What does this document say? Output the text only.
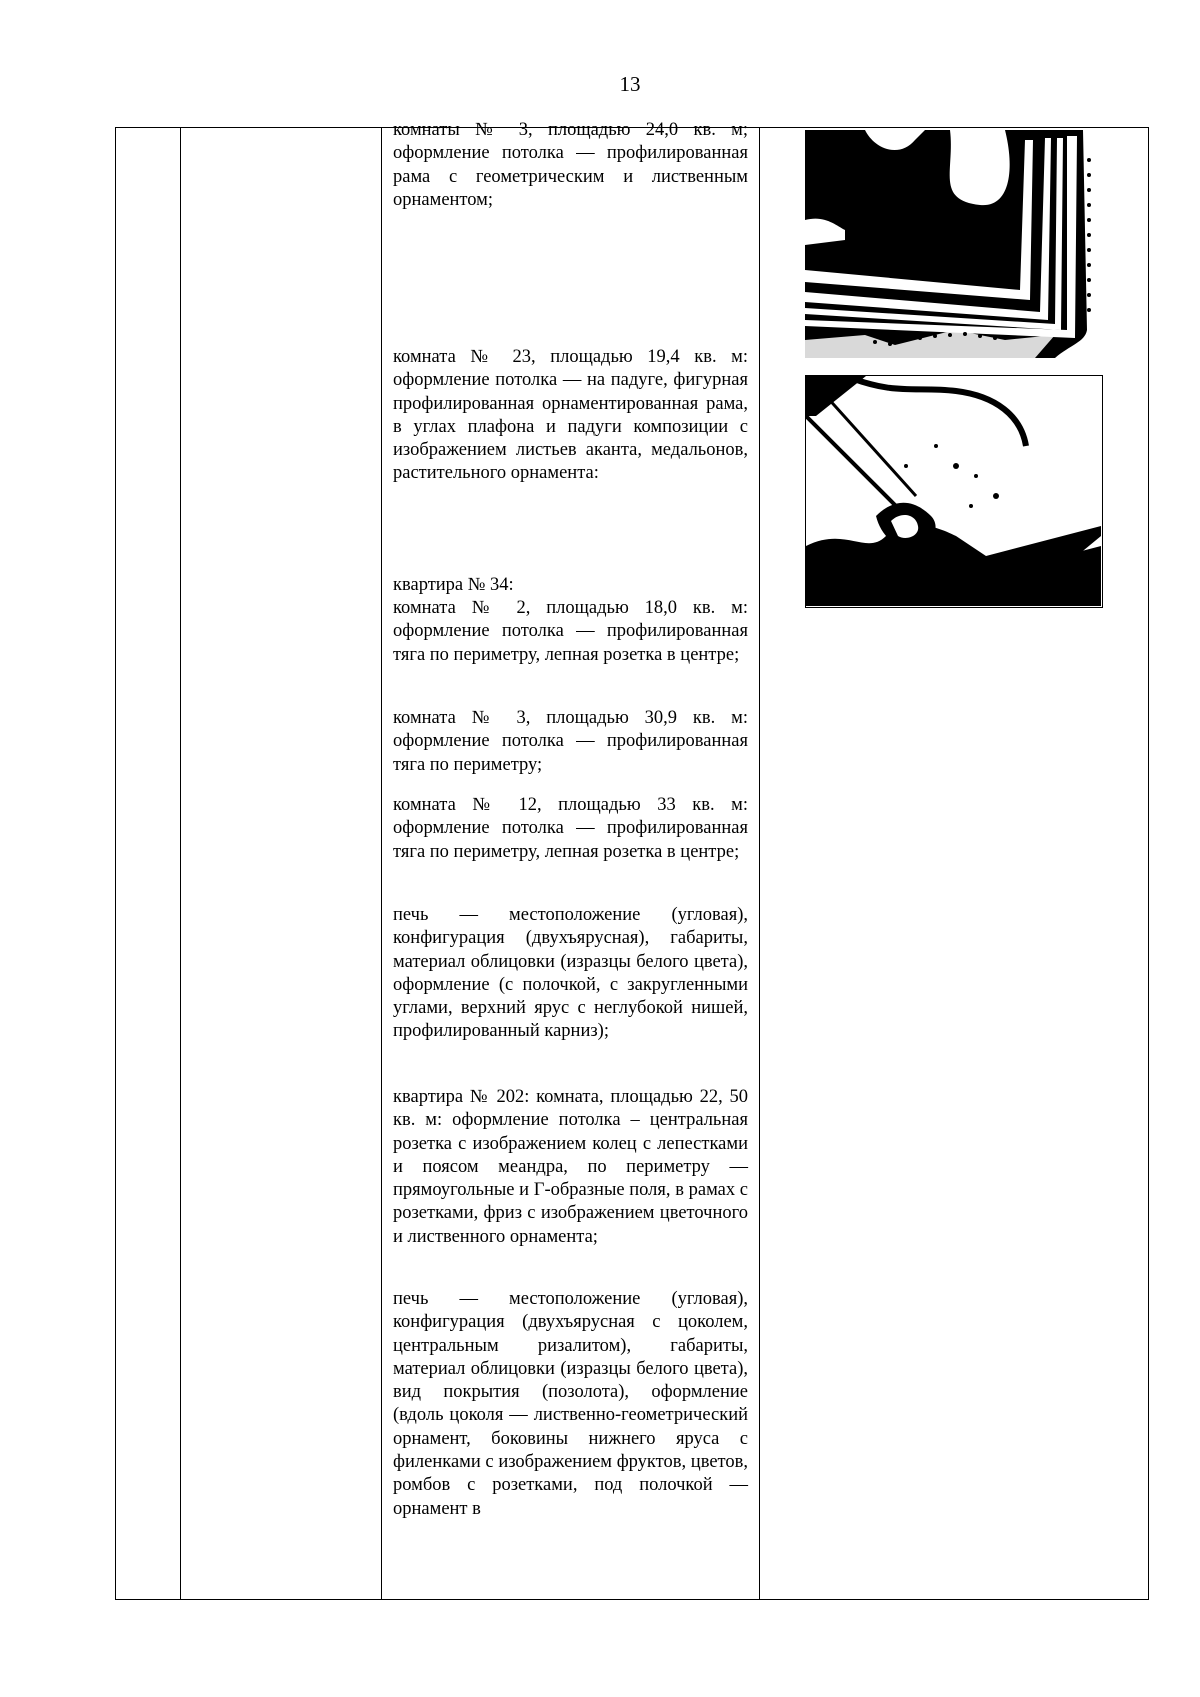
13

комнаты № 3, площадью 24,0 кв. м; оформление потолка — профилированная рама с геометрическим и лиственным орнаментом;

комната № 23, площадью 19,4 кв. м: оформление потолка — на падуге, фигурная профилированная орнаментированная рама, в углах плафона и падуги композиции с изображением листьев аканта, медальонов, растительного орнамента:

квартира № 34:

комната № 2, площадью 18,0 кв. м: оформление потолка — профилированная тяга по периметру, лепная розетка в центре;

комната № 3, площадью 30,9 кв. м: оформление потолка — профилированная тяга по периметру;

комната № 12, площадью 33 кв. м: оформление потолка — профилированная тяга по периметру, лепная розетка в центре;

печь — местоположение (угловая), конфигурация (двухъярусная), габариты, материал облицовки (изразцы белого цвета), оформление (с полочкой, с закругленными углами, верхний ярус с неглубокой нишей, профилированный карниз);

квартира № 202: комната, площадью 22, 50 кв. м: оформление потолка – центральная розетка с изображением колец с лепестками и поясом меандра, по периметру — прямоугольные и Г-образные поля, в рамах с розетками, фриз с изображением цветочного и лиственного орнамента;

печь — местоположение (угловая), конфигурация (двухъярусная с цоколем, центральным ризалитом), габариты, материал облицовки (изразцы белого цвета), вид покрытия (позолота), оформление (вдоль цоколя — лиственно-геометрический орнамент, боковины нижнего яруса с филенками с изображением фруктов, цветов, ромбов с розетками, под полочкой — орнамент в
